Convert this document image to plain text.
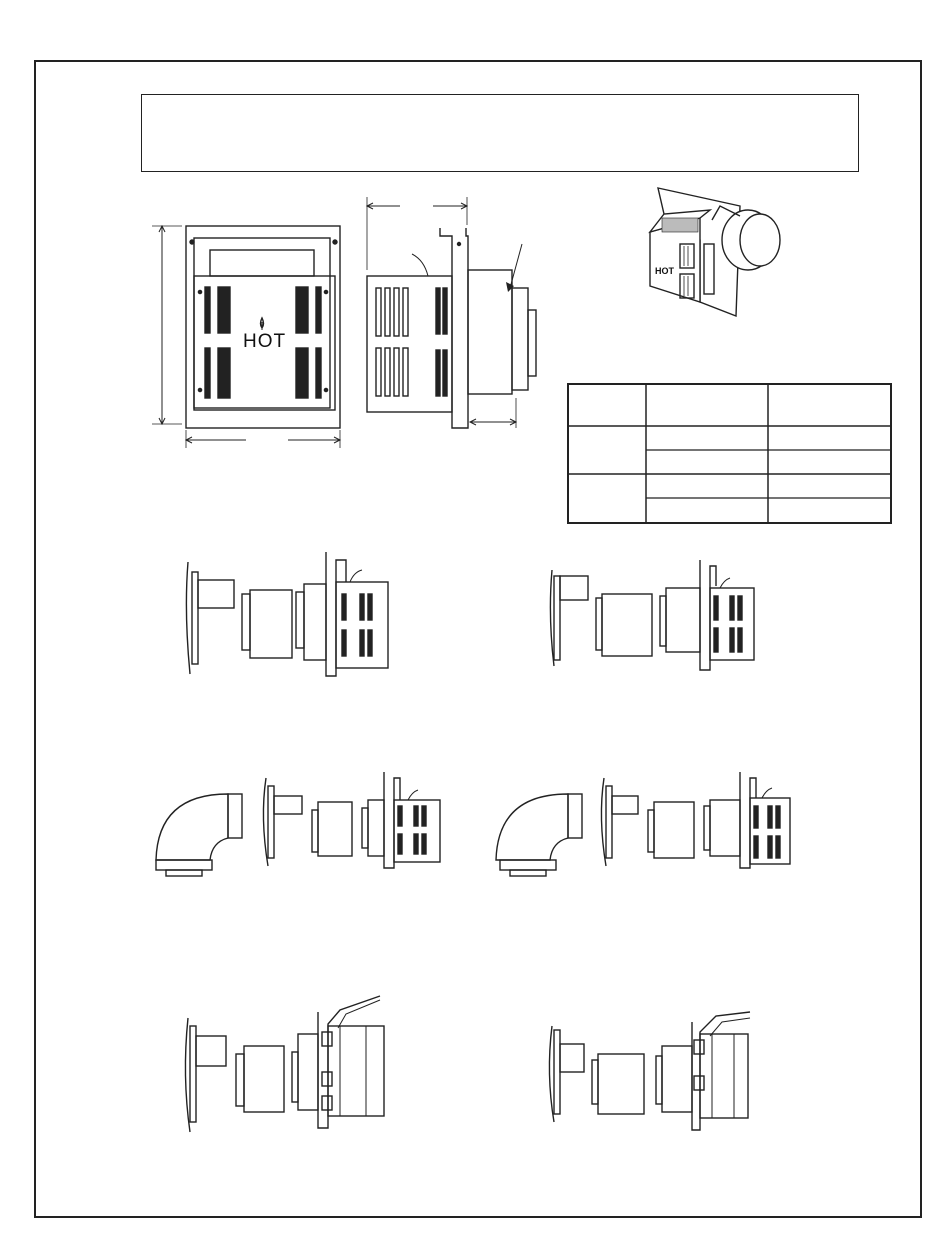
HOT
HOT
